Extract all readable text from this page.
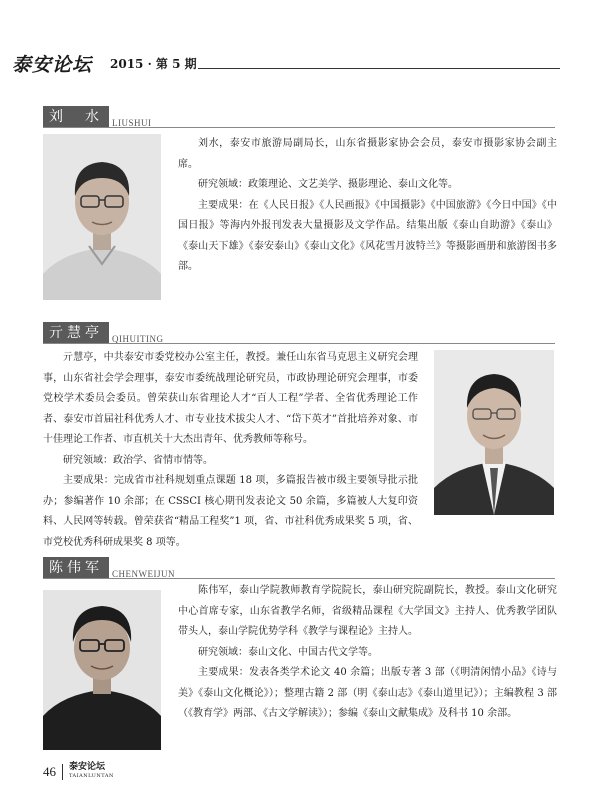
泰安论坛 2015 · 第 5 期
刘　水	LIUSHUI

刘水，泰安市旅游局副局长，山东省摄影家协会会员，泰安市摄影家协会副主席。

研究领域：政策理论、文艺美学、摄影理论、泰山文化等。

主要成果：在《人民日报》《人民画报》《中国摄影》《中国旅游》《今日中国》《中国日报》等海内外报刊发表大量摄影及文学作品。结集出版《泰山自助游》《泰山》《泰山天下雄》《泰安泰山》《泰山文化》《风花雪月波特兰》等摄影画册和旅游图书多部。

亓慧亭	QIHUITING

亓慧亭，中共泰安市委党校办公室主任，教授。兼任山东省马克思主义研究会理事，山东省社会学会理事，泰安市委统战理论研究员，市政协理论研究会理事，市委党校学术委员会委员。曾荣获山东省理论人才“百人工程”学者、全省优秀理论工作者、泰安市首届社科优秀人才、市专业技术拔尖人才、“岱下英才”首批培养对象、市十佳理论工作者、市直机关十大杰出青年、优秀教师等称号。

研究领域：政治学、省情市情等。

主要成果：完成省市社科规划重点课题 18 项，多篇报告被市级主要领导批示批办；参编著作 10 余部；在 CSSCI 核心期刊发表论文 50 余篇，多篇被人大复印资料、人民网等转载。曾荣获省“精品工程奖”1 项，省、市社科优秀成果奖 5 项，省、市党校优秀科研成果奖 8 项等。

陈伟军	CHENWEIJUN

陈伟军，泰山学院教师教育学院院长，泰山研究院副院长，教授。泰山文化研究中心首席专家，山东省教学名师，省级精品课程《大学国文》主持人、优秀教学团队带头人，泰山学院优势学科《教学与课程论》主持人。

研究领域：泰山文化、中国古代文学等。

主要成果：发表各类学术论文 40 余篇；出版专著 3 部（《明清闲情小品》《诗与美》《泰山文化概论》）；整理古籍 2 部（明《泰山志》《泰山道里记》）；主编教程 3 部（《教育学》两部、《古文学解读》）；参编《泰山文献集成》及科书 10 余部。

46 泰安论坛
TAIANLUNTAN
